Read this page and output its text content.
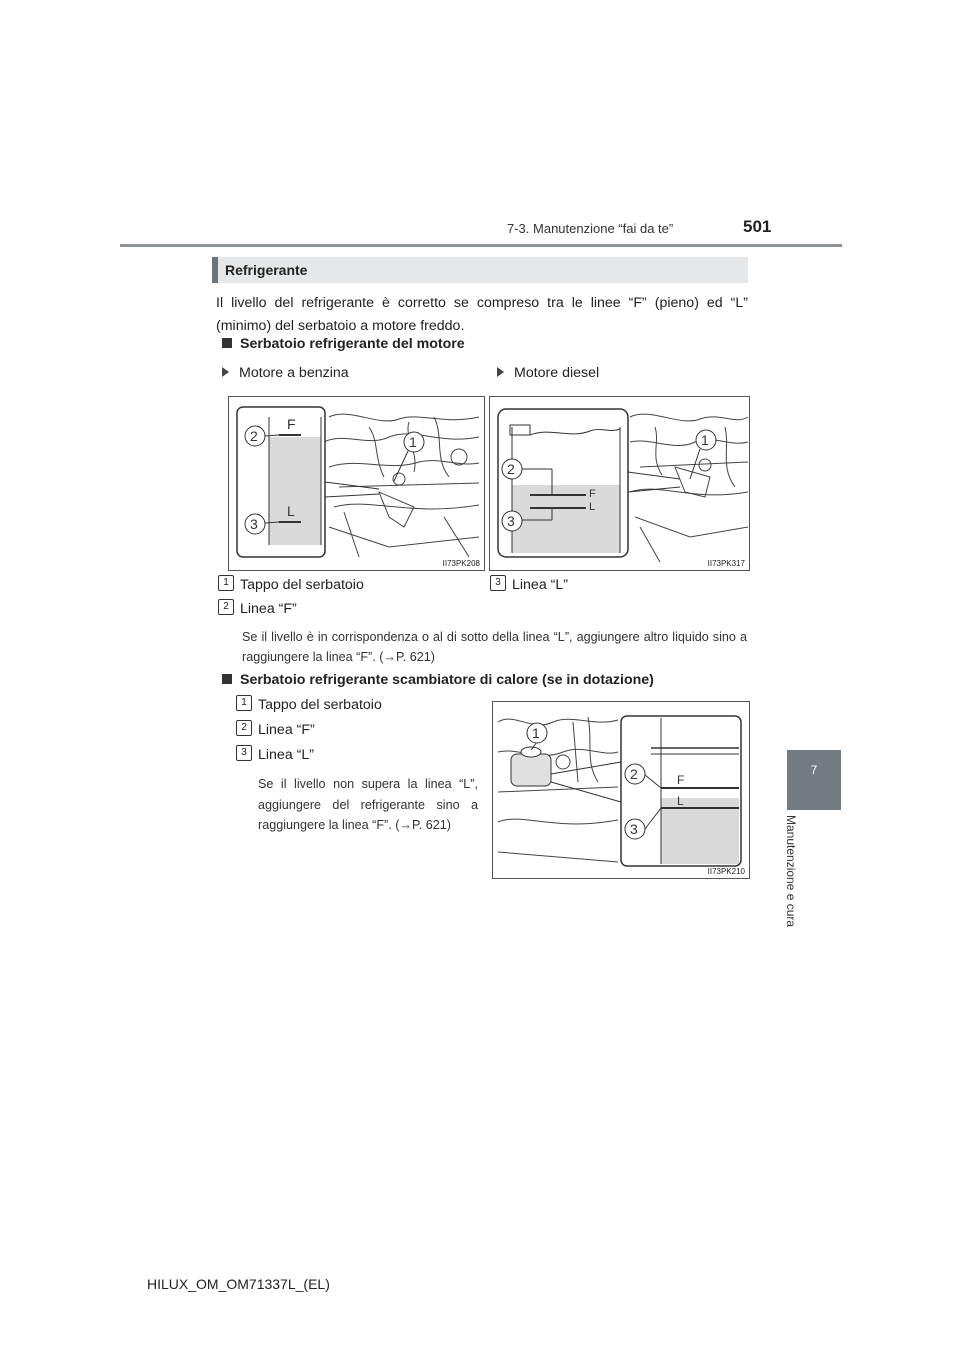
7-3. Manutenzione “fai da te”	501
7
Manutenzione e cura
Refrigerante
Il livello del refrigerante è corretto se compreso tra le linee “F” (pieno) ed “L” (minimo) del serbatoio a motore freddo.
Serbatoio refrigerante del motore
Motore a benzina	Motore diesel
F
L
2
3
1
II73PK208
F
L
2
3
1
II73PK317
1 Tappo del serbatoio
2 Linea “F”
3 Linea “L”
Se il livello è in corrispondenza o al di sotto della linea “L”, aggiungere altro liquido sino a raggiungere la linea “F”. (→P. 621)
Serbatoio refrigerante scambiatore di calore (se in dotazione)
1 Tappo del serbatoio
2 Linea “F”
3 Linea “L”
Se il livello non supera la linea “L”, aggiungere del refrigerante sino a raggiungere la linea “F”. (→P. 621)
F
L
2
3
1
II73PK210
HILUX_OM_OM71337L_(EL)
